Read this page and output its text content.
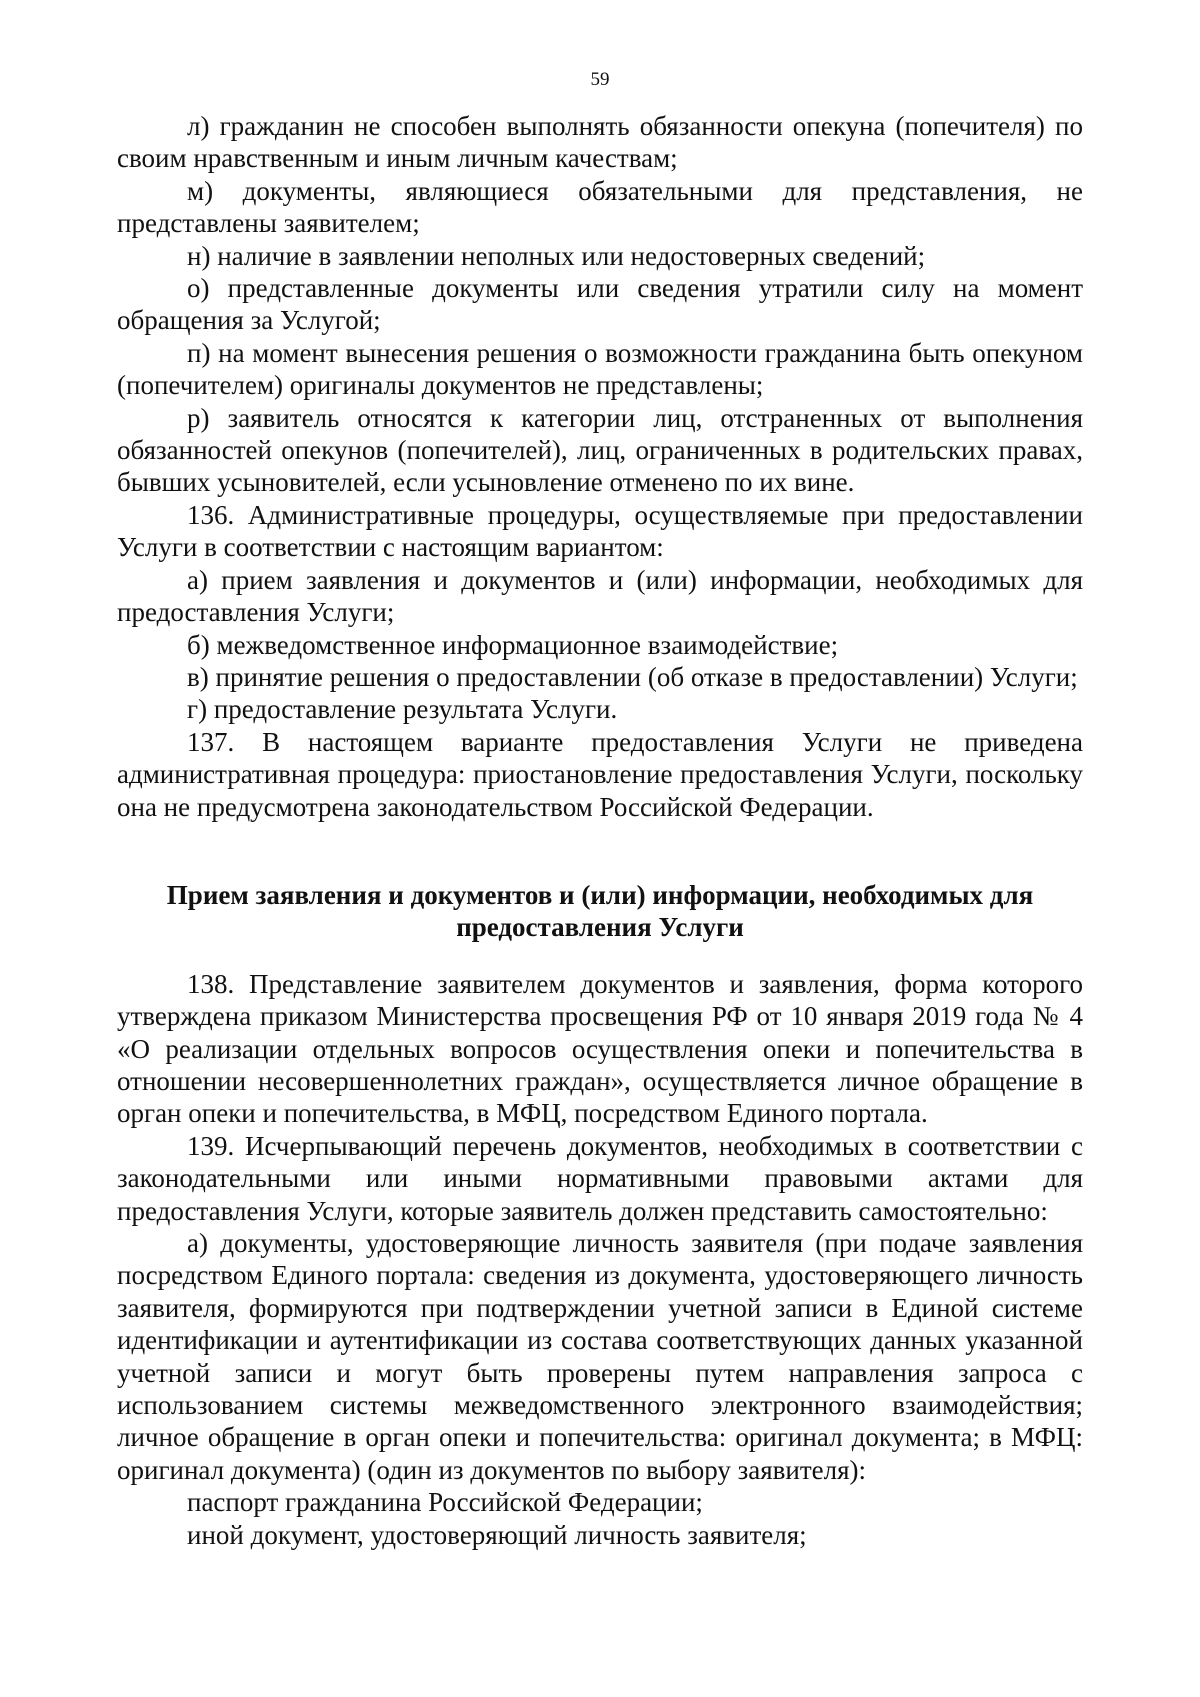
59

л) гражданин не способен выполнять обязанности опекуна (попечителя) по своим нравственным и иным личным качествам;

м) документы, являющиеся обязательными для представления, не представлены заявителем;

н) наличие в заявлении неполных или недостоверных сведений;

о) представленные документы или сведения утратили силу на момент обращения за Услугой;

п) на момент вынесения решения о возможности гражданина быть опекуном (попечителем) оригиналы документов не представлены;

р) заявитель относятся к категории лиц, отстраненных от выполнения обязанностей опекунов (попечителей), лиц, ограниченных в родительских правах, бывших усыновителей, если усыновление отменено по их вине.

136. Административные процедуры, осуществляемые при предоставлении Услуги в соответствии с настоящим вариантом:

а) прием заявления и документов и (или) информации, необходимых для предоставления Услуги;

б) межведомственное информационное взаимодействие;

в) принятие решения о предоставлении (об отказе в предоставлении) Услуги;

г) предоставление результата Услуги.

137. В настоящем варианте предоставления Услуги не приведена административная процедура: приостановление предоставления Услуги, поскольку она не предусмотрена законодательством Российской Федерации.

Прием заявления и документов и (или) информации, необходимых для предоставления Услуги

138. Представление заявителем документов и заявления, форма которого утверждена приказом Министерства просвещения РФ от 10 января 2019 года № 4 «О реализации отдельных вопросов осуществления опеки и попечительства в отношении несовершеннолетних граждан», осуществляется личное обращение в орган опеки и попечительства, в МФЦ, посредством Единого портала.

139. Исчерпывающий перечень документов, необходимых в соответствии с законодательными или иными нормативными правовыми актами для предоставления Услуги, которые заявитель должен представить самостоятельно:

а) документы, удостоверяющие личность заявителя (при подаче заявления посредством Единого портала: сведения из документа, удостоверяющего личность заявителя, формируются при подтверждении учетной записи в Единой системе идентификации и аутентификации из состава соответствующих данных указанной учетной записи и могут быть проверены путем направления запроса с использованием системы межведомственного электронного взаимодействия; личное обращение в орган опеки и попечительства: оригинал документа; в МФЦ: оригинал документа) (один из документов по выбору заявителя):

паспорт гражданина Российской Федерации;

иной документ, удостоверяющий личность заявителя;
